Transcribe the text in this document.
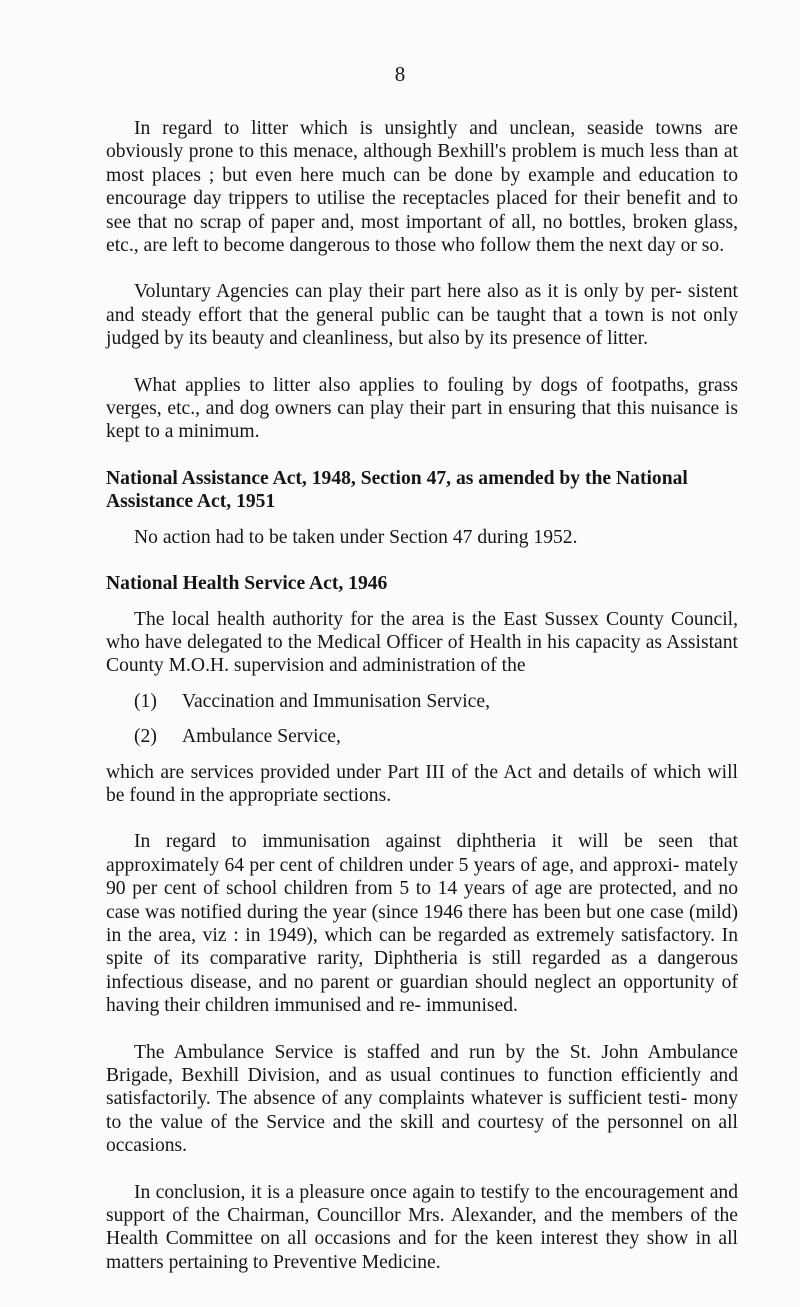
8

In regard to litter which is unsightly and unclean, seaside towns are obviously prone to this menace, although Bexhill's problem is much less than at most places ; but even here much can be done by example and education to encourage day trippers to utilise the receptacles placed for their benefit and to see that no scrap of paper and, most important of all, no bottles, broken glass, etc., are left to become dangerous to those who follow them the next day or so.

Voluntary Agencies can play their part here also as it is only by per- sistent and steady effort that the general public can be taught that a town is not only judged by its beauty and cleanliness, but also by its presence of litter.

What applies to litter also applies to fouling by dogs of footpaths, grass verges, etc., and dog owners can play their part in ensuring that this nuisance is kept to a minimum.

National Assistance Act, 1948, Section 47, as amended by the National Assistance Act, 1951

No action had to be taken under Section 47 during 1952.

National Health Service Act, 1946

The local health authority for the area is the East Sussex County Council, who have delegated to the Medical Officer of Health in his capacity as Assistant County M.O.H. supervision and administration of the

(1)	Vaccination and Immunisation Service,
(2)	Ambulance Service,

which are services provided under Part III of the Act and details of which will be found in the appropriate sections.

In regard to immunisation against diphtheria it will be seen that approximately 64 per cent of children under 5 years of age, and approxi- mately 90 per cent of school children from 5 to 14 years of age are protected, and no case was notified during the year (since 1946 there has been but one case (mild) in the area, viz : in 1949), which can be regarded as extremely satisfactory. In spite of its comparative rarity, Diphtheria is still regarded as a dangerous infectious disease, and no parent or guardian should neglect an opportunity of having their children immunised and re- immunised.

The Ambulance Service is staffed and run by the St. John Ambulance Brigade, Bexhill Division, and as usual continues to function efficiently and satisfactorily. The absence of any complaints whatever is sufficient testi- mony to the value of the Service and the skill and courtesy of the personnel on all occasions.

In conclusion, it is a pleasure once again to testify to the encouragement and support of the Chairman, Councillor Mrs. Alexander, and the members of the Health Committee on all occasions and for the keen interest they show in all matters pertaining to Preventive Medicine.
